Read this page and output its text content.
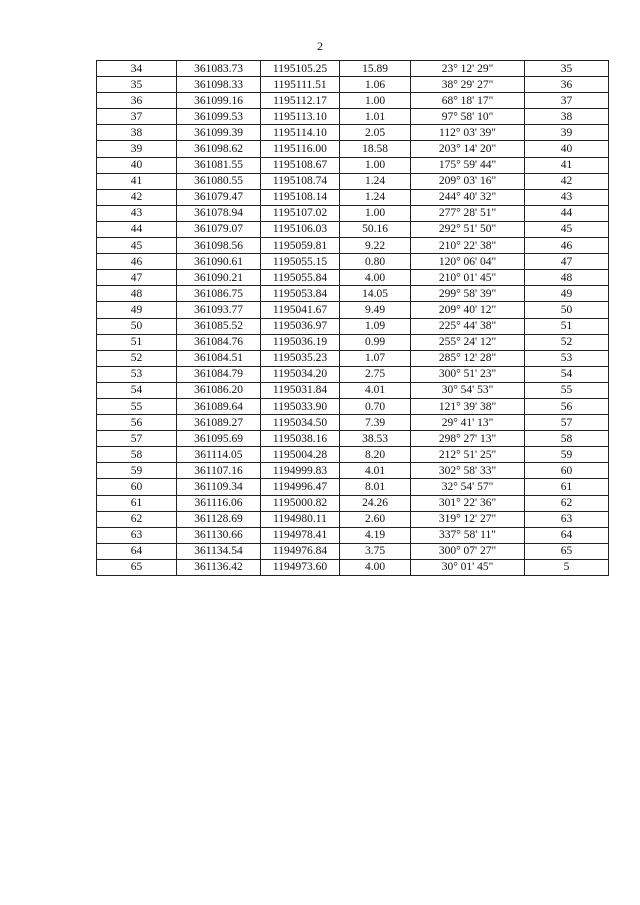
2
34	361083.73	1195105.25	15.89	23° 12' 29"	35
35	361098.33	1195111.51	1.06	38° 29' 27"	36
36	361099.16	1195112.17	1.00	68° 18' 17"	37
37	361099.53	1195113.10	1.01	97° 58' 10"	38
38	361099.39	1195114.10	2.05	112° 03' 39"	39
39	361098.62	1195116.00	18.58	203° 14' 20"	40
40	361081.55	1195108.67	1.00	175° 59' 44"	41
41	361080.55	1195108.74	1.24	209° 03' 16"	42
42	361079.47	1195108.14	1.24	244° 40' 32"	43
43	361078.94	1195107.02	1.00	277° 28' 51"	44
44	361079.07	1195106.03	50.16	292° 51' 50"	45
45	361098.56	1195059.81	9.22	210° 22' 38"	46
46	361090.61	1195055.15	0.80	120° 06' 04"	47
47	361090.21	1195055.84	4.00	210° 01' 45"	48
48	361086.75	1195053.84	14.05	299° 58' 39"	49
49	361093.77	1195041.67	9.49	209° 40' 12"	50
50	361085.52	1195036.97	1.09	225° 44' 38"	51
51	361084.76	1195036.19	0.99	255° 24' 12"	52
52	361084.51	1195035.23	1.07	285° 12' 28"	53
53	361084.79	1195034.20	2.75	300° 51' 23"	54
54	361086.20	1195031.84	4.01	30° 54' 53"	55
55	361089.64	1195033.90	0.70	121° 39' 38"	56
56	361089.27	1195034.50	7.39	29° 41' 13"	57
57	361095.69	1195038.16	38.53	298° 27' 13"	58
58	361114.05	1195004.28	8.20	212° 51' 25"	59
59	361107.16	1194999.83	4.01	302° 58' 33"	60
60	361109.34	1194996.47	8.01	32° 54' 57"	61
61	361116.06	1195000.82	24.26	301° 22' 36"	62
62	361128.69	1194980.11	2.60	319° 12' 27"	63
63	361130.66	1194978.41	4.19	337° 58' 11"	64
64	361134.54	1194976.84	3.75	300° 07' 27"	65
65	361136.42	1194973.60	4.00	30° 01' 45"	5
